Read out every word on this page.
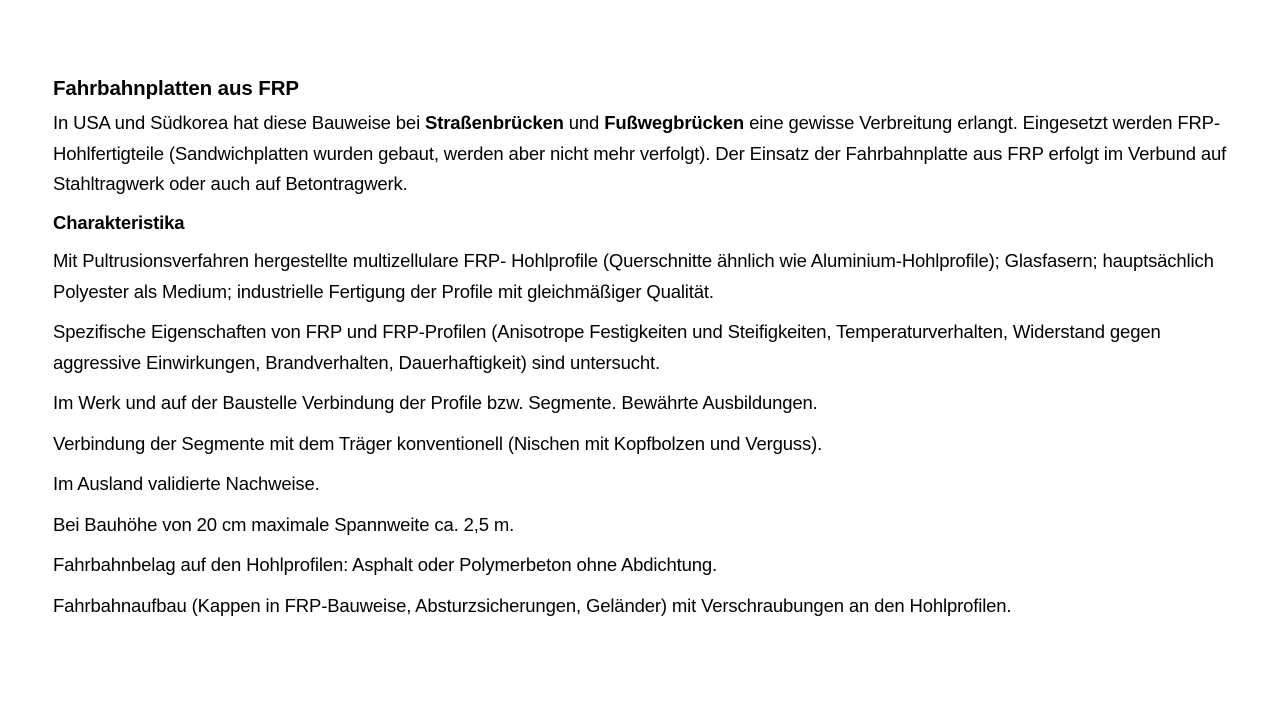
Fahrbahnplatten aus FRP

In USA und Südkorea hat diese Bauweise bei Straßenbrücken und Fußwegbrücken eine gewisse Verbreitung erlangt. Eingesetzt werden FRP-Hohlfertigteile (Sandwichplatten wurden gebaut, werden aber nicht mehr verfolgt). Der Einsatz der Fahrbahnplatte aus FRP erfolgt im Verbund auf Stahltragwerk oder auch auf Betontragwerk.

Charakteristika

Mit Pultrusionsverfahren hergestellte multizellulare FRP- Hohlprofile (Querschnitte ähnlich wie Aluminium-Hohlprofile); Glasfasern; hauptsächlich Polyester als Medium; industrielle Fertigung der Profile mit gleichmäßiger Qualität.

Spezifische Eigenschaften von FRP und FRP-Profilen (Anisotrope Festigkeiten und Steifigkeiten, Temperaturverhalten, Widerstand gegen aggressive Einwirkungen, Brandverhalten, Dauerhaftigkeit) sind untersucht.

Im Werk und auf der Baustelle Verbindung der Profile bzw. Segmente. Bewährte Ausbildungen.

Verbindung der Segmente mit dem Träger konventionell (Nischen mit Kopfbolzen und Verguss).

Im Ausland validierte Nachweise.

Bei Bauhöhe von 20 cm maximale Spannweite ca. 2,5 m.

Fahrbahnbelag auf den Hohlprofilen: Asphalt oder Polymerbeton ohne Abdichtung.

Fahrbahnaufbau (Kappen in FRP-Bauweise, Absturzsicherungen, Geländer) mit Verschraubungen an den Hohlprofilen.
